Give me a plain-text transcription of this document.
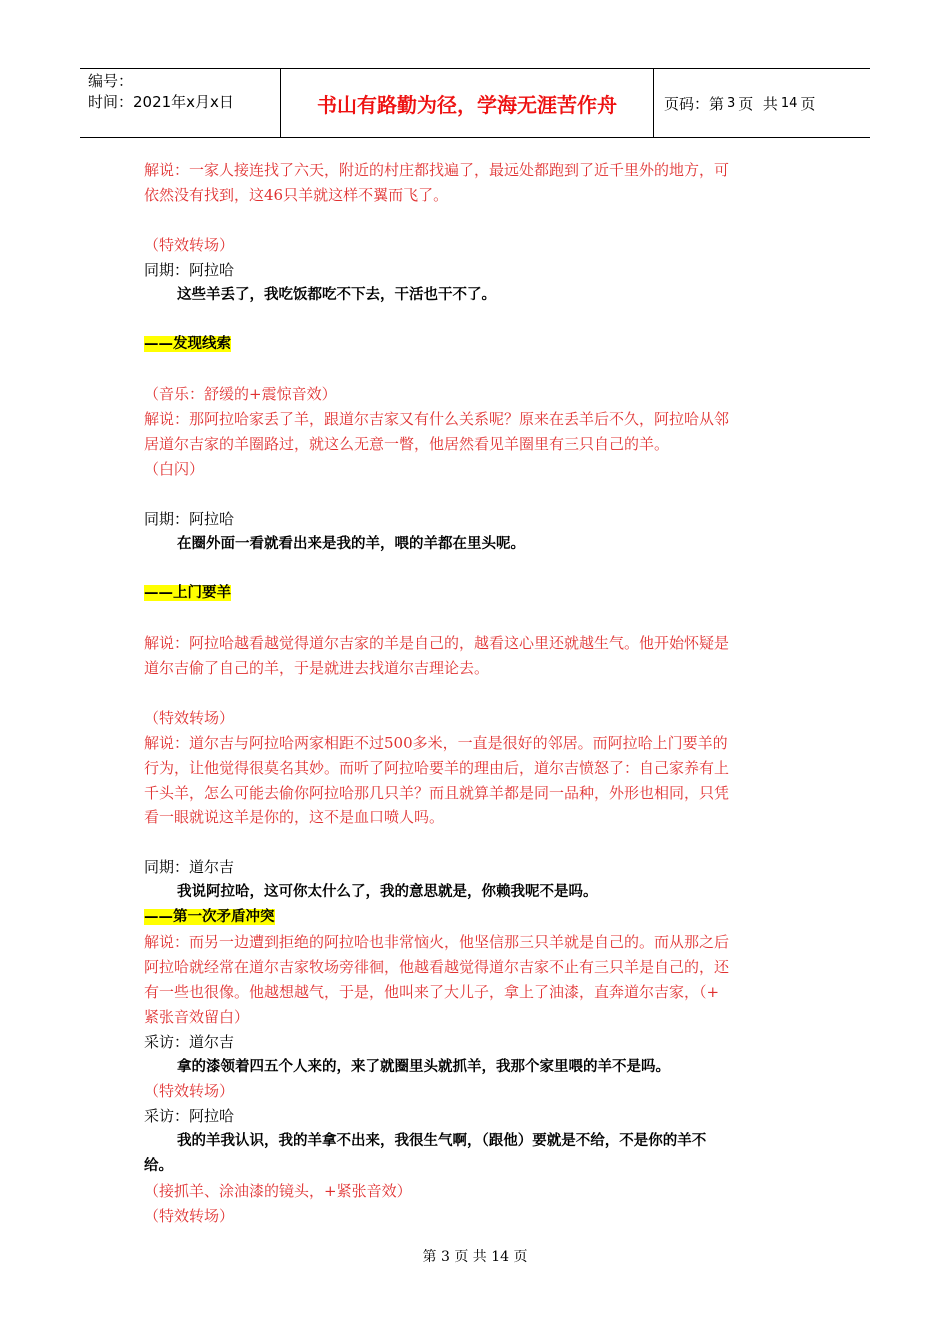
编号：
时间：2021年x月x日	书山有路勤为径，学海无涯苦作舟	页码：第 3 页  共 14 页
解说：一家人接连找了六天，附近的村庄都找遍了，最远处都跑到了近千里外的地方，可
依然没有找到，这46只羊就这样不翼而飞了。
（特效转场）
同期：阿拉哈
这些羊丢了，我吃饭都吃不下去，干活也干不了。
——发现线索
（音乐：舒缓的+震惊音效）
解说：那阿拉哈家丢了羊，跟道尔吉家又有什么关系呢？原来在丢羊后不久，阿拉哈从邻
居道尔吉家的羊圈路过，就这么无意一瞥，他居然看见羊圈里有三只自己的羊。
（白闪）
同期：阿拉哈
在圈外面一看就看出来是我的羊，喂的羊都在里头呢。
——上门要羊
解说：阿拉哈越看越觉得道尔吉家的羊是自己的，越看这心里还就越生气。他开始怀疑是
道尔吉偷了自己的羊，于是就进去找道尔吉理论去。
（特效转场）
解说：道尔吉与阿拉哈两家相距不过500多米，一直是很好的邻居。而阿拉哈上门要羊的
行为，让他觉得很莫名其妙。而听了阿拉哈要羊的理由后，道尔吉愤怒了：自己家养有上
千头羊，怎么可能去偷你阿拉哈那几只羊？而且就算羊都是同一品种，外形也相同，只凭
看一眼就说这羊是你的，这不是血口喷人吗。
同期：道尔吉
我说阿拉哈，这可你太什么了，我的意思就是，你赖我呢不是吗。
——第一次矛盾冲突
解说：而另一边遭到拒绝的阿拉哈也非常恼火，他坚信那三只羊就是自己的。而从那之后
阿拉哈就经常在道尔吉家牧场旁徘徊，他越看越觉得道尔吉家不止有三只羊是自己的，还
有一些也很像。他越想越气，于是，他叫来了大儿子，拿上了油漆，直奔道尔吉家，（+
紧张音效留白）
采访：道尔吉
拿的漆领着四五个人来的，来了就圈里头就抓羊，我那个家里喂的羊不是吗。
（特效转场）
采访：阿拉哈
我的羊我认识，我的羊拿不出来，我很生气啊，（跟他）要就是不给，不是你的羊不
给。
（接抓羊、涂油漆的镜头，+紧张音效）
（特效转场）
第 3 页 共 14 页
